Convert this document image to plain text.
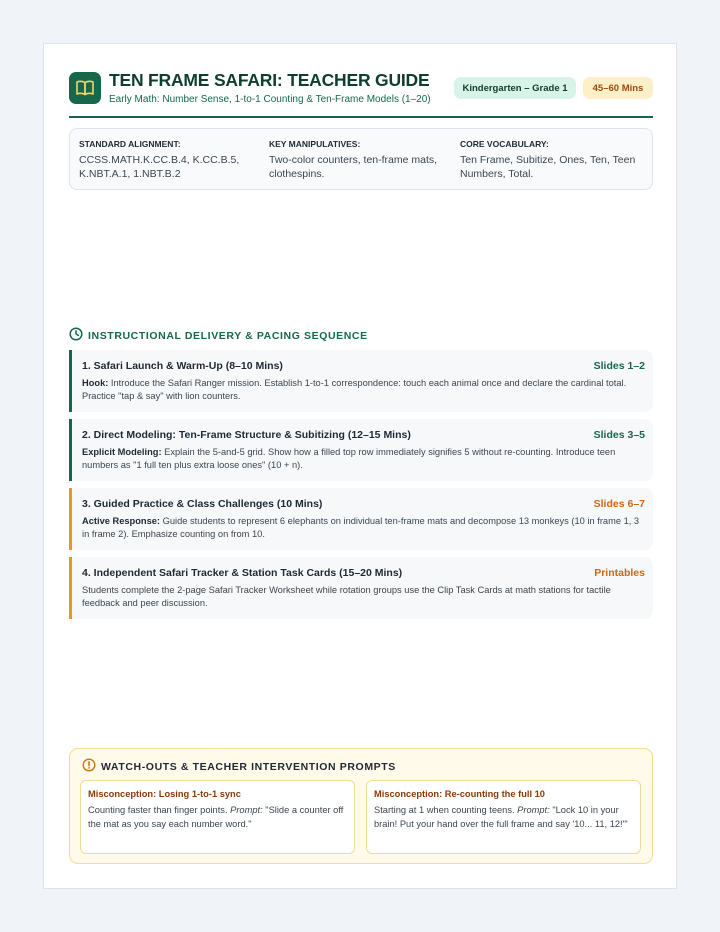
TEN FRAME SAFARI: TEACHER GUIDE
Early Math: Number Sense, 1-to-1 Counting & Ten-Frame Models (1–20)
Kindergarten – Grade 1	45–60 Mins
STANDARD ALIGNMENT:
CCSS.MATH.K.CC.B.4, K.CC.B.5, K.NBT.A.1, 1.NBT.B.2
KEY MANIPULATIVES:
Two-color counters, ten-frame mats, clothespins.
CORE VOCABULARY:
Ten Frame, Subitize, Ones, Ten, Teen Numbers, Total.
INSTRUCTIONAL DELIVERY & PACING SEQUENCE
1. Safari Launch & Warm-Up (8–10 Mins)	Slides 1–2
Hook: Introduce the Safari Ranger mission. Establish 1-to-1 correspondence: touch each animal once and declare the cardinal total. Practice "tap & say" with lion counters.
2. Direct Modeling: Ten-Frame Structure & Subitizing (12–15 Mins)	Slides 3–5
Explicit Modeling: Explain the 5-and-5 grid. Show how a filled top row immediately signifies 5 without re-counting. Introduce teen numbers as "1 full ten plus extra loose ones" (10 + n).
3. Guided Practice & Class Challenges (10 Mins)	Slides 6–7
Active Response: Guide students to represent 6 elephants on individual ten-frame mats and decompose 13 monkeys (10 in frame 1, 3 in frame 2). Emphasize counting on from 10.
4. Independent Safari Tracker & Station Task Cards (15–20 Mins)	Printables
Students complete the 2-page Safari Tracker Worksheet while rotation groups use the Clip Task Cards at math stations for tactile feedback and peer discussion.
WATCH-OUTS & TEACHER INTERVENTION PROMPTS
Misconception: Losing 1-to-1 sync
Counting faster than finger points. Prompt: "Slide a counter off the mat as you say each number word."
Misconception: Re-counting the full 10
Starting at 1 when counting teens. Prompt: "Lock 10 in your brain! Put your hand over the full frame and say '10... 11, 12!'"
